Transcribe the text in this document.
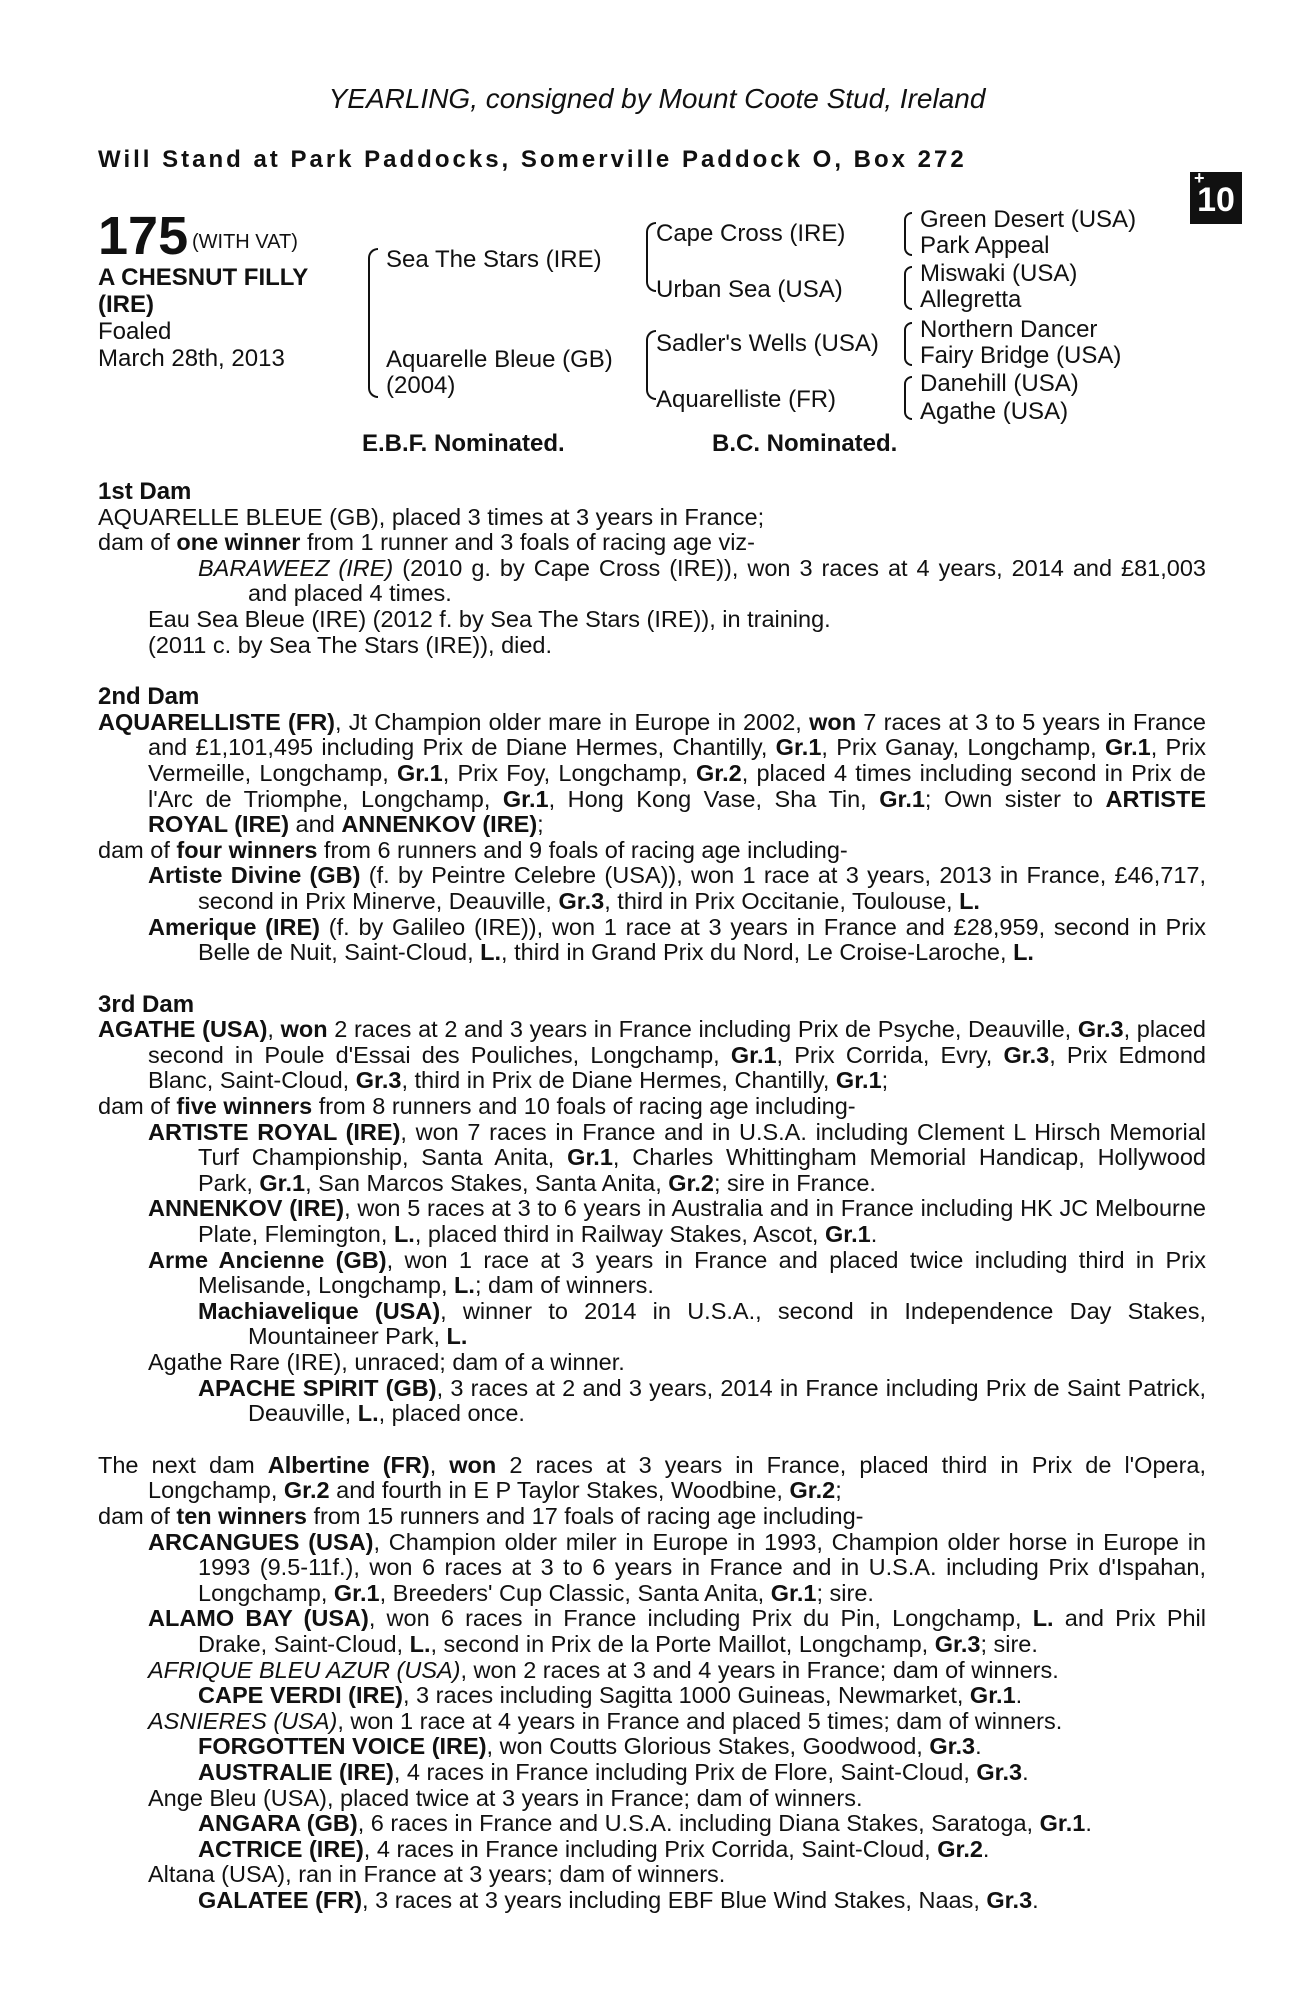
YEARLING, consigned by Mount Coote Stud, Ireland
Will Stand at Park Paddocks, Somerville Paddock O, Box 272
+
10
175 (WITH VAT)
A CHESNUT FILLY
(IRE)
Foaled
March 28th, 2013
Sea The Stars (IRE)
Aquarelle Bleue (GB)
(2004)
Cape Cross (IRE)
Urban Sea (USA)
Sadler's Wells (USA)
Aquarelliste (FR)
Green Desert (USA)
Park Appeal
Miswaki (USA)
Allegretta
Northern Dancer
Fairy Bridge (USA)
Danehill (USA)
Agathe (USA)
E.B.F. Nominated.	B.C. Nominated.

1st Dam

AQUARELLE BLEUE (GB), placed 3 times at 3 years in France;

dam of one winner from 1 runner and 3 foals of racing age viz-

BARAWEEZ (IRE) (2010 g. by Cape Cross (IRE)), won 3 races at 4 years, 2014 and £81,003 and placed 4 times.

Eau Sea Bleue (IRE) (2012 f. by Sea The Stars (IRE)), in training.

(2011 c. by Sea The Stars (IRE)), died.

2nd Dam

AQUARELLISTE (FR), Jt Champion older mare in Europe in 2002, won 7 races at 3 to 5 years in France and £1,101,495 including Prix de Diane Hermes, Chantilly, Gr.1, Prix Ganay, Longchamp, Gr.1, Prix Vermeille, Longchamp, Gr.1, Prix Foy, Longchamp, Gr.2, placed 4 times including second in Prix de l'Arc de Triomphe, Longchamp, Gr.1, Hong Kong Vase, Sha Tin, Gr.1; Own sister to ARTISTE ROYAL (IRE) and ANNENKOV (IRE);

dam of four winners from 6 runners and 9 foals of racing age including-

Artiste Divine (GB) (f. by Peintre Celebre (USA)), won 1 race at 3 years, 2013 in France, £46,717, second in Prix Minerve, Deauville, Gr.3, third in Prix Occitanie, Toulouse, L.

Amerique (IRE) (f. by Galileo (IRE)), won 1 race at 3 years in France and £28,959, second in Prix Belle de Nuit, Saint-Cloud, L., third in Grand Prix du Nord, Le Croise-Laroche, L.

3rd Dam

AGATHE (USA), won 2 races at 2 and 3 years in France including Prix de Psyche, Deauville, Gr.3, placed second in Poule d'Essai des Pouliches, Longchamp, Gr.1, Prix Corrida, Evry, Gr.3, Prix Edmond Blanc, Saint-Cloud, Gr.3, third in Prix de Diane Hermes, Chantilly, Gr.1;

dam of five winners from 8 runners and 10 foals of racing age including-

ARTISTE ROYAL (IRE), won 7 races in France and in U.S.A. including Clement L Hirsch Memorial Turf Championship, Santa Anita, Gr.1, Charles Whittingham Memorial Handicap, Hollywood Park, Gr.1, San Marcos Stakes, Santa Anita, Gr.2; sire in France.

ANNENKOV (IRE), won 5 races at 3 to 6 years in Australia and in France including HK JC Melbourne Plate, Flemington, L., placed third in Railway Stakes, Ascot, Gr.1.

Arme Ancienne (GB), won 1 race at 3 years in France and placed twice including third in Prix Melisande, Longchamp, L.; dam of winners.

Machiavelique (USA), winner to 2014 in U.S.A., second in Independence Day Stakes, Mountaineer Park, L.

Agathe Rare (IRE), unraced; dam of a winner.

APACHE SPIRIT (GB), 3 races at 2 and 3 years, 2014 in France including Prix de Saint Patrick, Deauville, L., placed once.

The next dam Albertine (FR), won 2 races at 3 years in France, placed third in Prix de l'Opera, Longchamp, Gr.2 and fourth in E P Taylor Stakes, Woodbine, Gr.2;

dam of ten winners from 15 runners and 17 foals of racing age including-

ARCANGUES (USA), Champion older miler in Europe in 1993, Champion older horse in Europe in 1993 (9.5-11f.), won 6 races at 3 to 6 years in France and in U.S.A. including Prix d'Ispahan, Longchamp, Gr.1, Breeders' Cup Classic, Santa Anita, Gr.1; sire.

ALAMO BAY (USA), won 6 races in France including Prix du Pin, Longchamp, L. and Prix Phil Drake, Saint-Cloud, L., second in Prix de la Porte Maillot, Longchamp, Gr.3; sire.

AFRIQUE BLEU AZUR (USA), won 2 races at 3 and 4 years in France; dam of winners.

CAPE VERDI (IRE), 3 races including Sagitta 1000 Guineas, Newmarket, Gr.1.

ASNIERES (USA), won 1 race at 4 years in France and placed 5 times; dam of winners.

FORGOTTEN VOICE (IRE), won Coutts Glorious Stakes, Goodwood, Gr.3.

AUSTRALIE (IRE), 4 races in France including Prix de Flore, Saint-Cloud, Gr.3.

Ange Bleu (USA), placed twice at 3 years in France; dam of winners.

ANGARA (GB), 6 races in France and U.S.A. including Diana Stakes, Saratoga, Gr.1.

ACTRICE (IRE), 4 races in France including Prix Corrida, Saint-Cloud, Gr.2.

Altana (USA), ran in France at 3 years; dam of winners.

GALATEE (FR), 3 races at 3 years including EBF Blue Wind Stakes, Naas, Gr.3.
